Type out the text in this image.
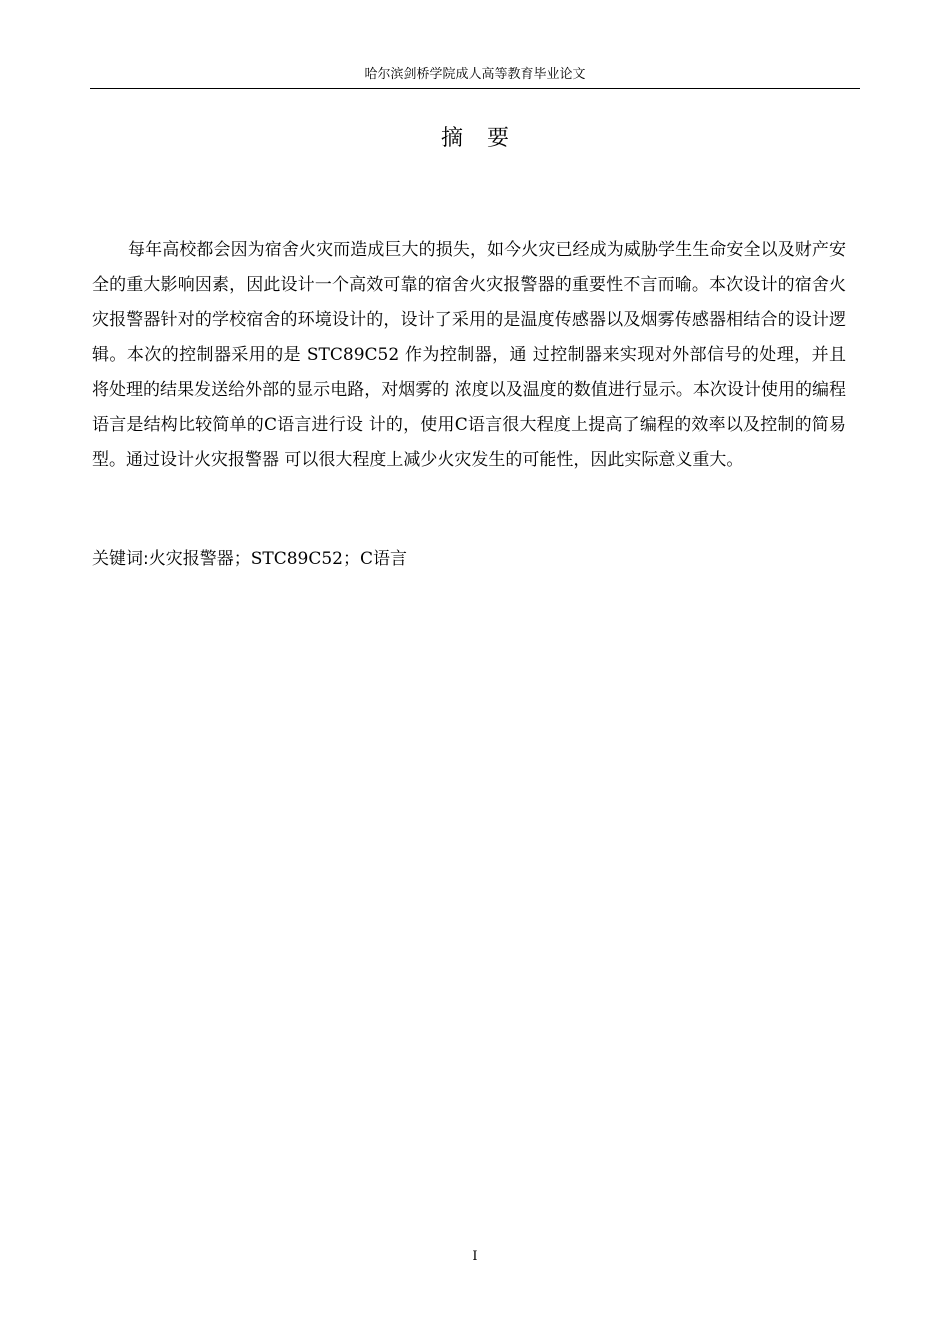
哈尔滨剑桥学院成人高等教育毕业论文
摘要

每年高校都会因为宿舍火灾而造成巨大的损失，如今火灾已经成为威胁学生生命安全以及财产安全的重大影响因素，因此设计一个高效可靠的宿舍火灾报警器的重要性不言而喻。本次设计的宿舍火灾报警器针对的学校宿舍的环境设计的，设计了采用的是温度传感器以及烟雾传感器相结合的设计逻辑。本次的控制器采用的是 STC89C52 作为控制器，通 过控制器来实现对外部信号的处理，并且将处理的结果发送给外部的显示电路，对烟雾的 浓度以及温度的数值进行显示。本次设计使用的编程语言是结构比较简单的C语言进行设 计的，使用C语言很大程度上提高了编程的效率以及控制的简易型。通过设计火灾报警器 可以很大程度上减少火灾发生的可能性，因此实际意义重大。

关键词:火灾报警器；STC89C52；C语言

I
